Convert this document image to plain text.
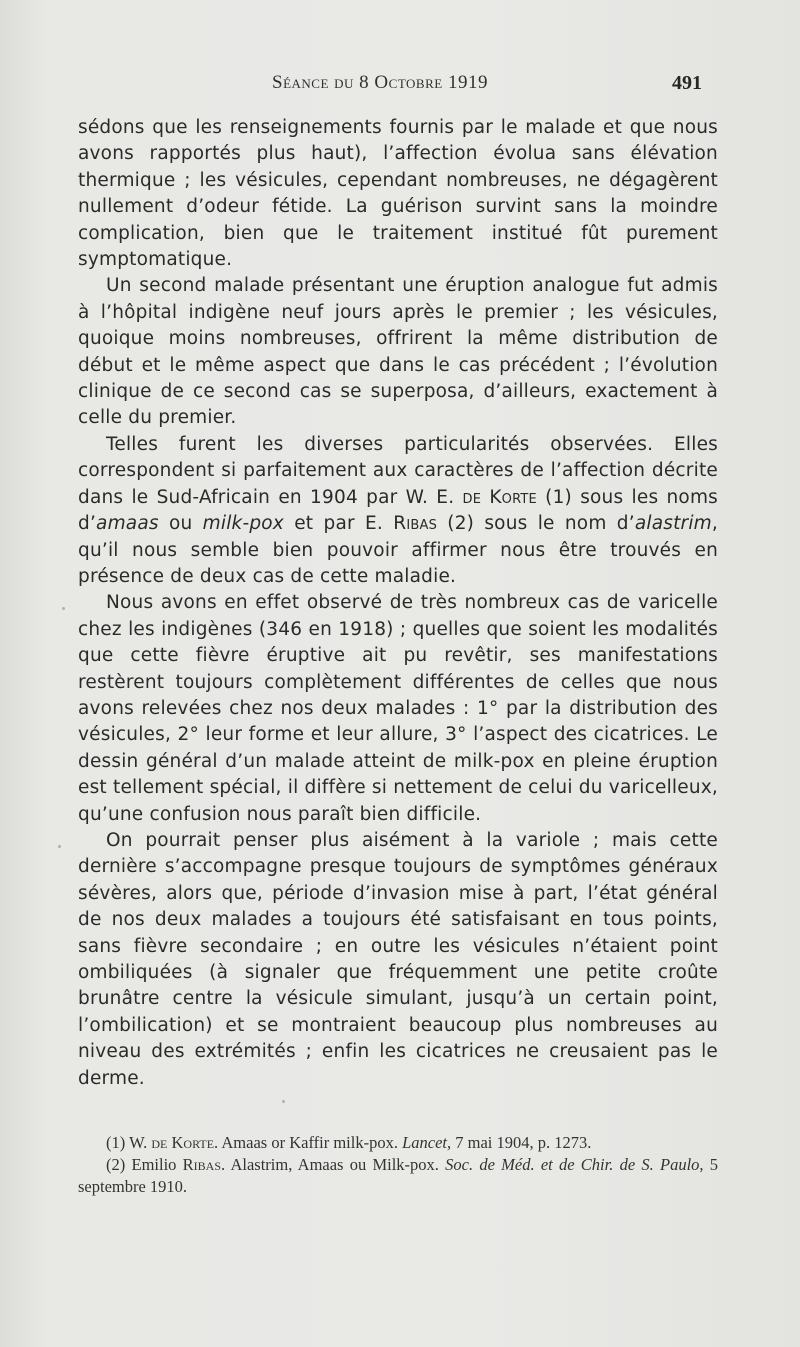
Séance du 8 Octobre 1919	491

sédons que les renseignements fournis par le malade et que nous avons rapportés plus haut), l’affection évolua sans élévation thermique ; les vésicules, cependant nombreuses, ne dégagèrent nullement d’odeur fétide. La guérison survint sans la moindre complication, bien que le traitement institué fût purement symptomatique.

Un second malade présentant une éruption analogue fut admis à l’hôpital indigène neuf jours après le premier ; les vésicules, quoique moins nombreuses, offrirent la même distribution de début et le même aspect que dans le cas précédent ; l’évolution clinique de ce second cas se superposa, d’ailleurs, exactement à celle du premier.

Telles furent les diverses particularités observées. Elles correspondent si parfaitement aux caractères de l’affection décrite dans le Sud-Africain en 1904 par W. E. de Korte (1) sous les noms d’amaas ou milk-pox et par E. Ribas (2) sous le nom d’alastrim, qu’il nous semble bien pouvoir affirmer nous être trouvés en présence de deux cas de cette maladie.

Nous avons en effet observé de très nombreux cas de varicelle chez les indigènes (346 en 1918) ; quelles que soient les modalités que cette fièvre éruptive ait pu revêtir, ses manifestations restèrent toujours complètement différentes de celles que nous avons relevées chez nos deux malades : 1° par la distribution des vésicules, 2° leur forme et leur allure, 3° l’aspect des cicatrices. Le dessin général d’un malade atteint de milk-pox en pleine éruption est tellement spécial, il diffère si nettement de celui du varicelleux, qu’une confusion nous paraît bien difficile.

On pourrait penser plus aisément à la variole ; mais cette dernière s’accompagne presque toujours de symptômes généraux sévères, alors que, période d’invasion mise à part, l’état général de nos deux malades a toujours été satisfaisant en tous points, sans fièvre secondaire ; en outre les vésicules n’étaient point ombiliquées (à signaler que fréquemment une petite croûte brunâtre centre la vésicule simulant, jusqu’à un certain point, l’ombilication) et se montraient beaucoup plus nombreuses au niveau des extrémités ; enfin les cicatrices ne creusaient pas le derme.

(1) W. de Korte. Amaas or Kaffir milk-pox. Lancet, 7 mai 1904, p. 1273.

(2) Emilio Ribas. Alastrim, Amaas ou Milk-pox. Soc. de Méd. et de Chir. de S. Paulo, 5 septembre 1910.
